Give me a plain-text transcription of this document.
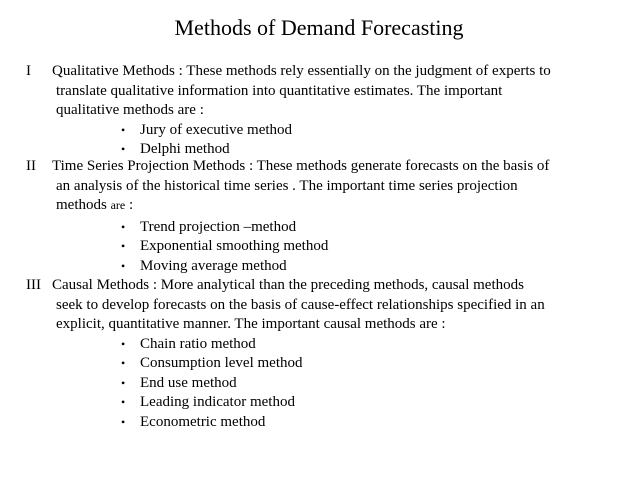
Methods of Demand Forecasting
I	Qualitative Methods : These methods rely essentially on the judgment of experts to
translate qualitative information into quantitative estimates. The important
qualitative methods are :
• Jury of executive method
• Delphi method
II	Time Series Projection Methods : These methods generate forecasts on the basis of
an analysis of the historical time series . The important time series projection
methods are :
• Trend projection –method
• Exponential smoothing method
• Moving average method
III Causal Methods : More analytical than the preceding methods, causal methods
seek to develop forecasts on the basis of cause-effect relationships specified in an
explicit, quantitative manner. The important causal methods are :
• Chain ratio method
• Consumption level method
• End use method
• Leading indicator method
• Econometric method
